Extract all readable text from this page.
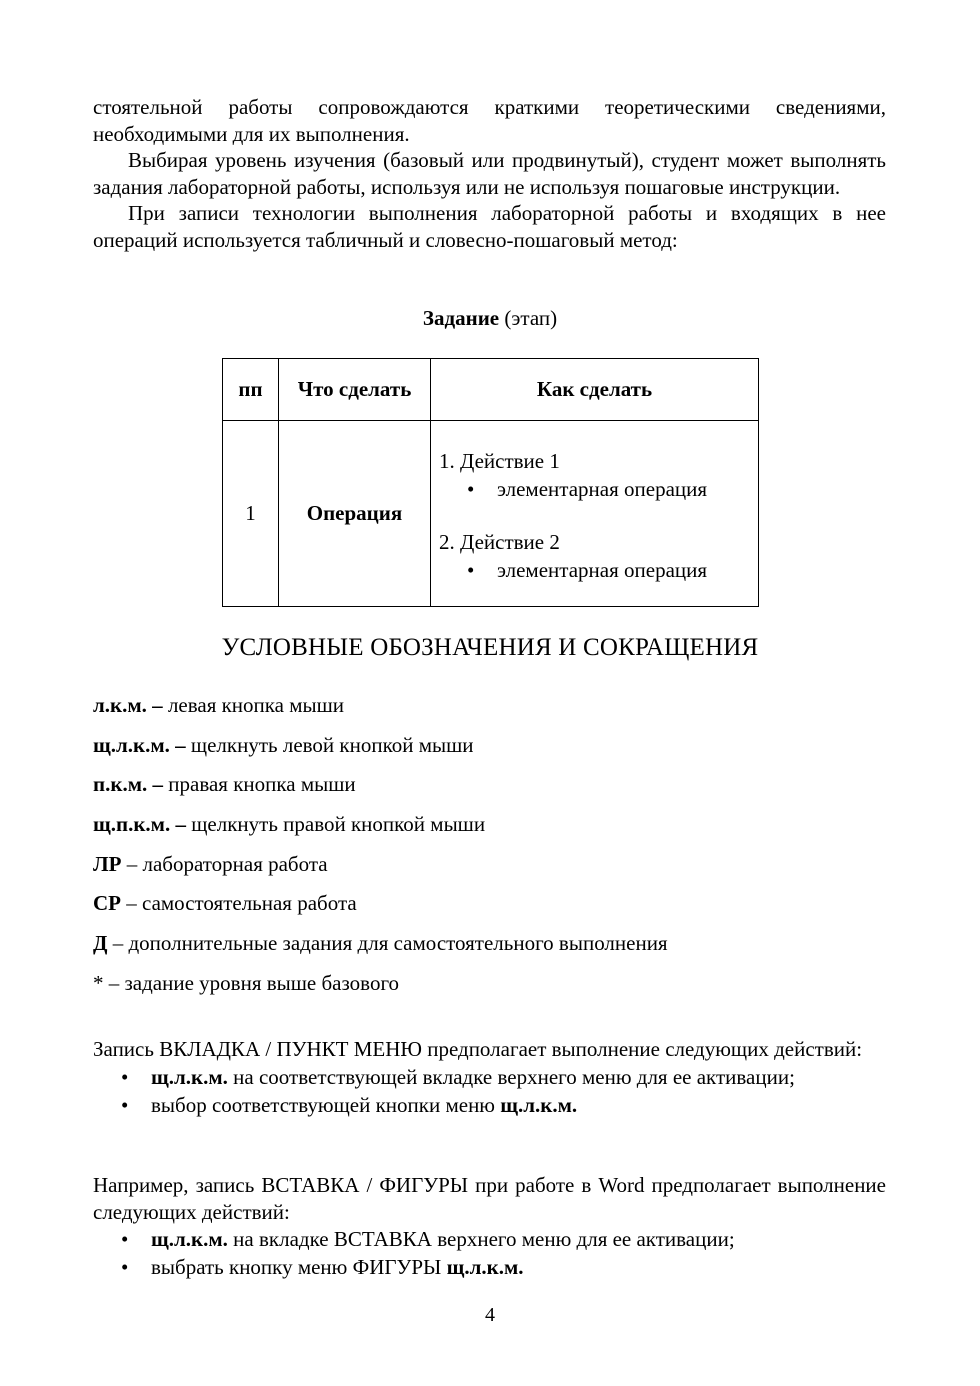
стоятельной работы сопровождаются краткими теоретическими сведениями, необходимыми для их выполнения.

Выбирая уровень изучения (базовый или продвинутый), студент может выполнять задания лабораторной работы, используя или не используя пошаговые инструкции.

При записи технологии выполнения лабораторной работы и входящих в нее операций используется табличный и словесно-пошаговый метод:

Задание (этап)
пп	Что сделать	Как сделать
1	Операция	1. Действие 1
• элементарная операция
2. Действие 2
• элементарная операция
УСЛОВНЫЕ ОБОЗНАЧЕНИЯ И СОКРАЩЕНИЯ
л.к.м. – левая кнопка мыши
щ.л.к.м. – щелкнуть левой кнопкой мыши
п.к.м. – правая кнопка мыши
щ.п.к.м. – щелкнуть правой кнопкой мыши
ЛР – лабораторная работа
СР – самостоятельная работа
Д – дополнительные задания для самостоятельного выполнения
* – задание уровня выше базового

Запись ВКЛАДКА / ПУНКТ МЕНЮ предполагает выполнение следующих действий:

• щ.л.к.м. на соответствующей вкладке верхнего меню для ее активации;
• выбор соответствующей кнопки меню щ.л.к.м.

Например, запись ВСТАВКА / ФИГУРЫ при работе в Word предполагает выполнение следующих действий:

• щ.л.к.м. на вкладке ВСТАВКА верхнего меню для ее активации;
• выбрать кнопку меню ФИГУРЫ щ.л.к.м.
4
